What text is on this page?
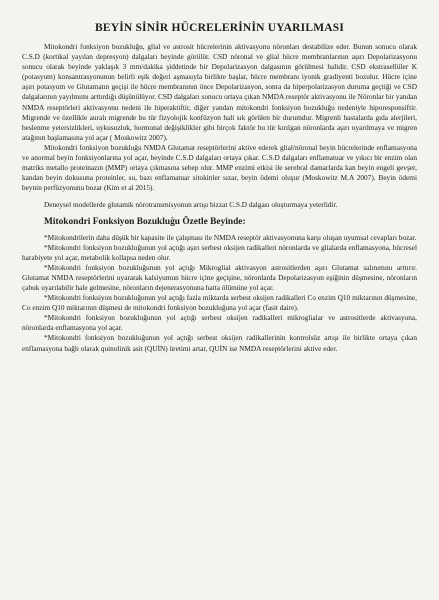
BEYİN SİNİR HÜCRELERİNİN UYARILMASI

Mitokondri fonksiyon bozukluğu, glial ve astrosit hücrelerinin aktivasyonu nöronları destabilize eder. Bunun sonucu olarak C.S.D (kortikal yayılan depresyon) dalgaları beyinde görülür. CSD nöronal ve glial hücre membranlarının aşırı Depolarizasyonu sonucu olarak beyinde yaklaşık 3 mm/dakika şiddetinde bir Depolarizasyon dalgasının görülmesi halidir. CSD ekstrasellüler K (potasyum) konsantrasyonunun belirli eşik değeri aşmasıyla birlikte başlar, hücre membranı iyonik gradiyenti bozulur. Hücre içine aşırı potasyum ve Glutamatın geçişi ile hücre membranının önce Depolarizasyon, sonra da hiperpolarizasyon duruma geçtiği ve CSD dalgalarının yayılmımı arttırdığı düşünülüyor. CSD dalgaları sonucu ortaya çıkan NMDA reseptör aktivasyonu ile Nöronlar bir yandan NMDA reseptörleri aktivasyonu nedeni ile hiperaktiftir, diğer yandan mitokondri fonksiyon bozukluğu nedeniyle hiporesponsiftir. Migrende ve özellikle auralı migrende bu tür fizyolojik konfüzyon hali sık görülen bir durumdur. Migrenli hastalarda gıda alerjileri, beslenme yetersizlikleri, uykusuzluk, hormonal değişiklikler gibi birçok faktör bu tür kırılgan nöronlarda aşırı uyarılmaya ve migren atağının başlamasına yol açar ( Moskowitz 2007).

Mitokondri fonksiyon bozukluğu NMDA Glutamat reseptörlerini aktive ederek glial/nöronal beyin hücrelerinde enflamasyona ve anormal beyin fonksiyonlarına yol açar, beyinde C.S.D dalgaları ortaya çıkar. C.S.D dalgaları enflamatuar ve yıkıcı bir enzim olan matriks metallo proteinazın (MMP) ortaya çıkmasına sebep olur. MMP enzimi etkisi ile serebral damarlarda kan beyin engeli gevşer, kandan beyin dokusuna proteinler, su, bazı enflamatuar sitokinler sızar, beyin ödemi oluşur (Moskowitz M.A 2007). Beyin ödemi beynin perfüzyonunu bozar (Kim et al 2015).

Deneysel modellerde glutamik nörotransmisyonun artışı bizzat C.S.D dalgası oluşturmaya yeterlidir.

Mitokondri Fonksiyon Bozukluğu Özetle Beyinde:

*Mitokondrilerin daha düşük bir kapasite ile çalışması ile NMDA reseptör aktivasyonuna karşı oluşan uyumsal cevapları bozar.

*Mitokondri fonksiyon bozukluğunun yol açtığı aşırı serbest oksijen radikalleri nöronlarda ve glialarda enflamasyona, hücresel harabiyete yol açar, metabolik kollapsa neden olur.

*Mitokondri fonksiyon bozukluğunun yol açtığı Mikroglial aktivasyon astrositlerden aşırı Glutamat salınımını arttırır. Glutamat NMDA reseptörlerini uyararak kalsiyumun hücre içine geçişine, nöronlarda Depolarizasyon eşiğinin düşmesine, nöronların çabuk uyarılabilir hale gelmesine, nöronların dejenerasyonuna hatta ölümüne yol açar.

*Mitokondri fonksiyon bozukluğunun yol açtığı fazla miktarda serbest oksijen radikalleri Co enzim Q10 miktarının düşmesine, Co enzim Q10 miktarının düşmesi de mitokondri fonksiyon bozukluğuna yol açar (fasit daire).

*Mitokondri fonksiyon bozukluğunun yol açtığı serbest oksijen radikalleri mikroglialar ve astrositlerde aktivasyona, nöronlarda enflamasyona yol açar.

*Mitokondri fonksiyon bozukluğunun yol açtığı serbest oksijen radikallerinin kontrolsüz artışı ile birlikte ortaya çıkan enflamasyona bağlı olarak quinolinik asit (QUİN) üretimi artar, QUİN ise NMDA reseptörlerini aktive eder.
